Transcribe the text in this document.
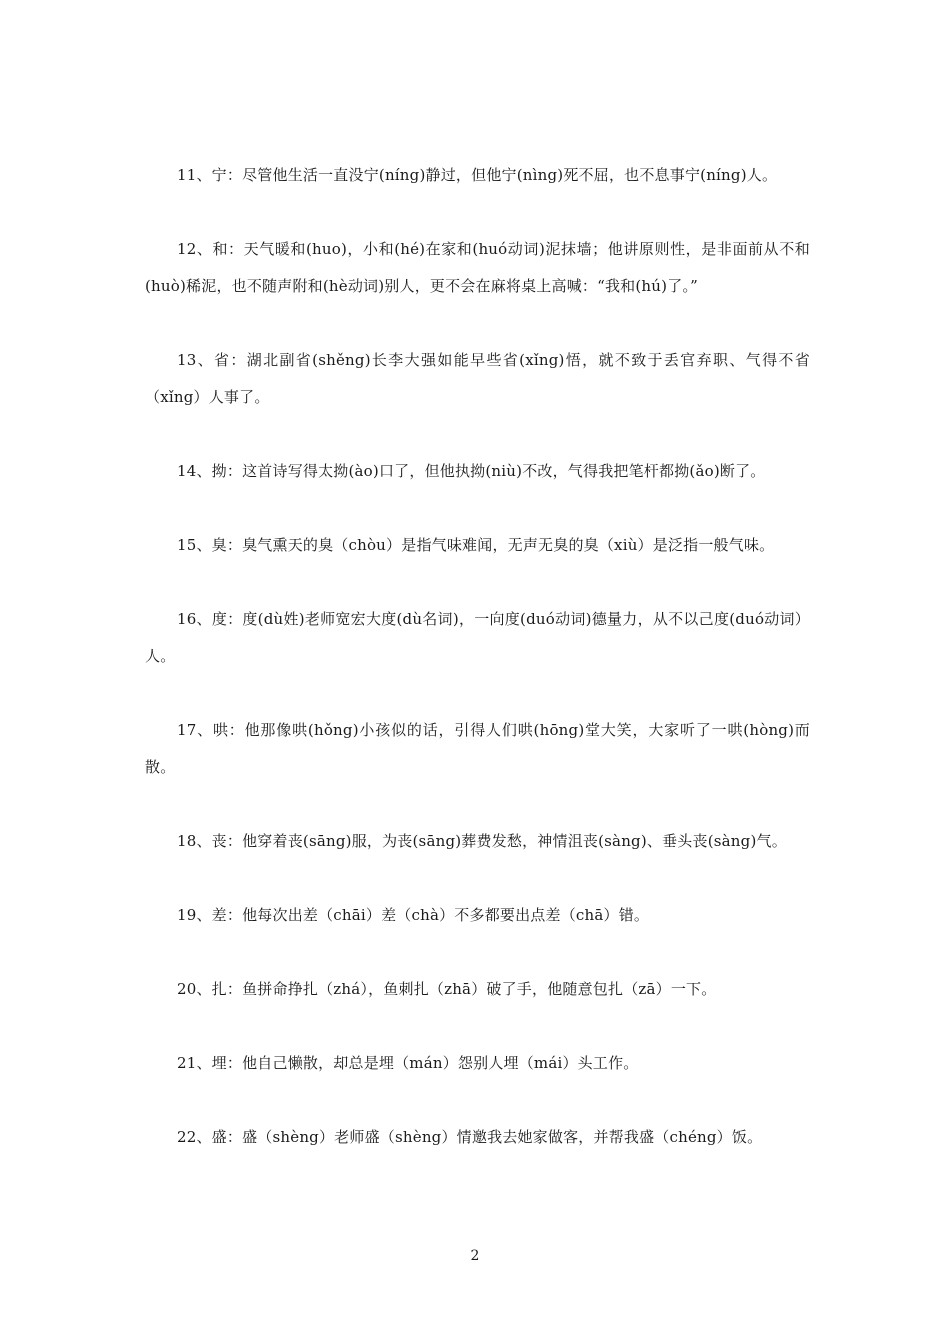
11、宁：尽管他生活一直没宁(níng)静过，但他宁(nìng)死不屈，也不息事宁(níng)人。

12、和：天气暖和(huo)，小和(hé)在家和(huó动词)泥抹墙；他讲原则性，是非面前从不和(huò)稀泥，也不随声附和(hè动词)别人，更不会在麻将桌上高喊：“我和(hú)了。”

13、省：湖北副省(shěng)长李大强如能早些省(xǐng)悟，就不致于丢官弃职、气得不省（xǐng）人事了。

14、拗：这首诗写得太拗(ào)口了，但他执拗(niù)不改，气得我把笔杆都拗(ǎo)断了。

15、臭：臭气熏天的臭（chòu）是指气味难闻，无声无臭的臭（xiù）是泛指一般气味。

16、度：度(dù姓)老师宽宏大度(dù名词)，一向度(duó动词)德量力，从不以己度(duó动词）人。

17、哄：他那像哄(hǒng)小孩似的话，引得人们哄(hōng)堂大笑，大家听了一哄(hòng)而散。

18、丧：他穿着丧(sāng)服，为丧(sāng)葬费发愁，神情沮丧(sàng)、垂头丧(sàng)气。

19、差：他每次出差（chāi）差（chà）不多都要出点差（chā）错。

20、扎：鱼拼命挣扎（zhá），鱼刺扎（zhā）破了手，他随意包扎（zā）一下。

21、埋：他自己懒散，却总是埋（mán）怨别人埋（mái）头工作。

22、盛：盛（shèng）老师盛（shèng）情邀我去她家做客，并帮我盛（chéng）饭。

2
